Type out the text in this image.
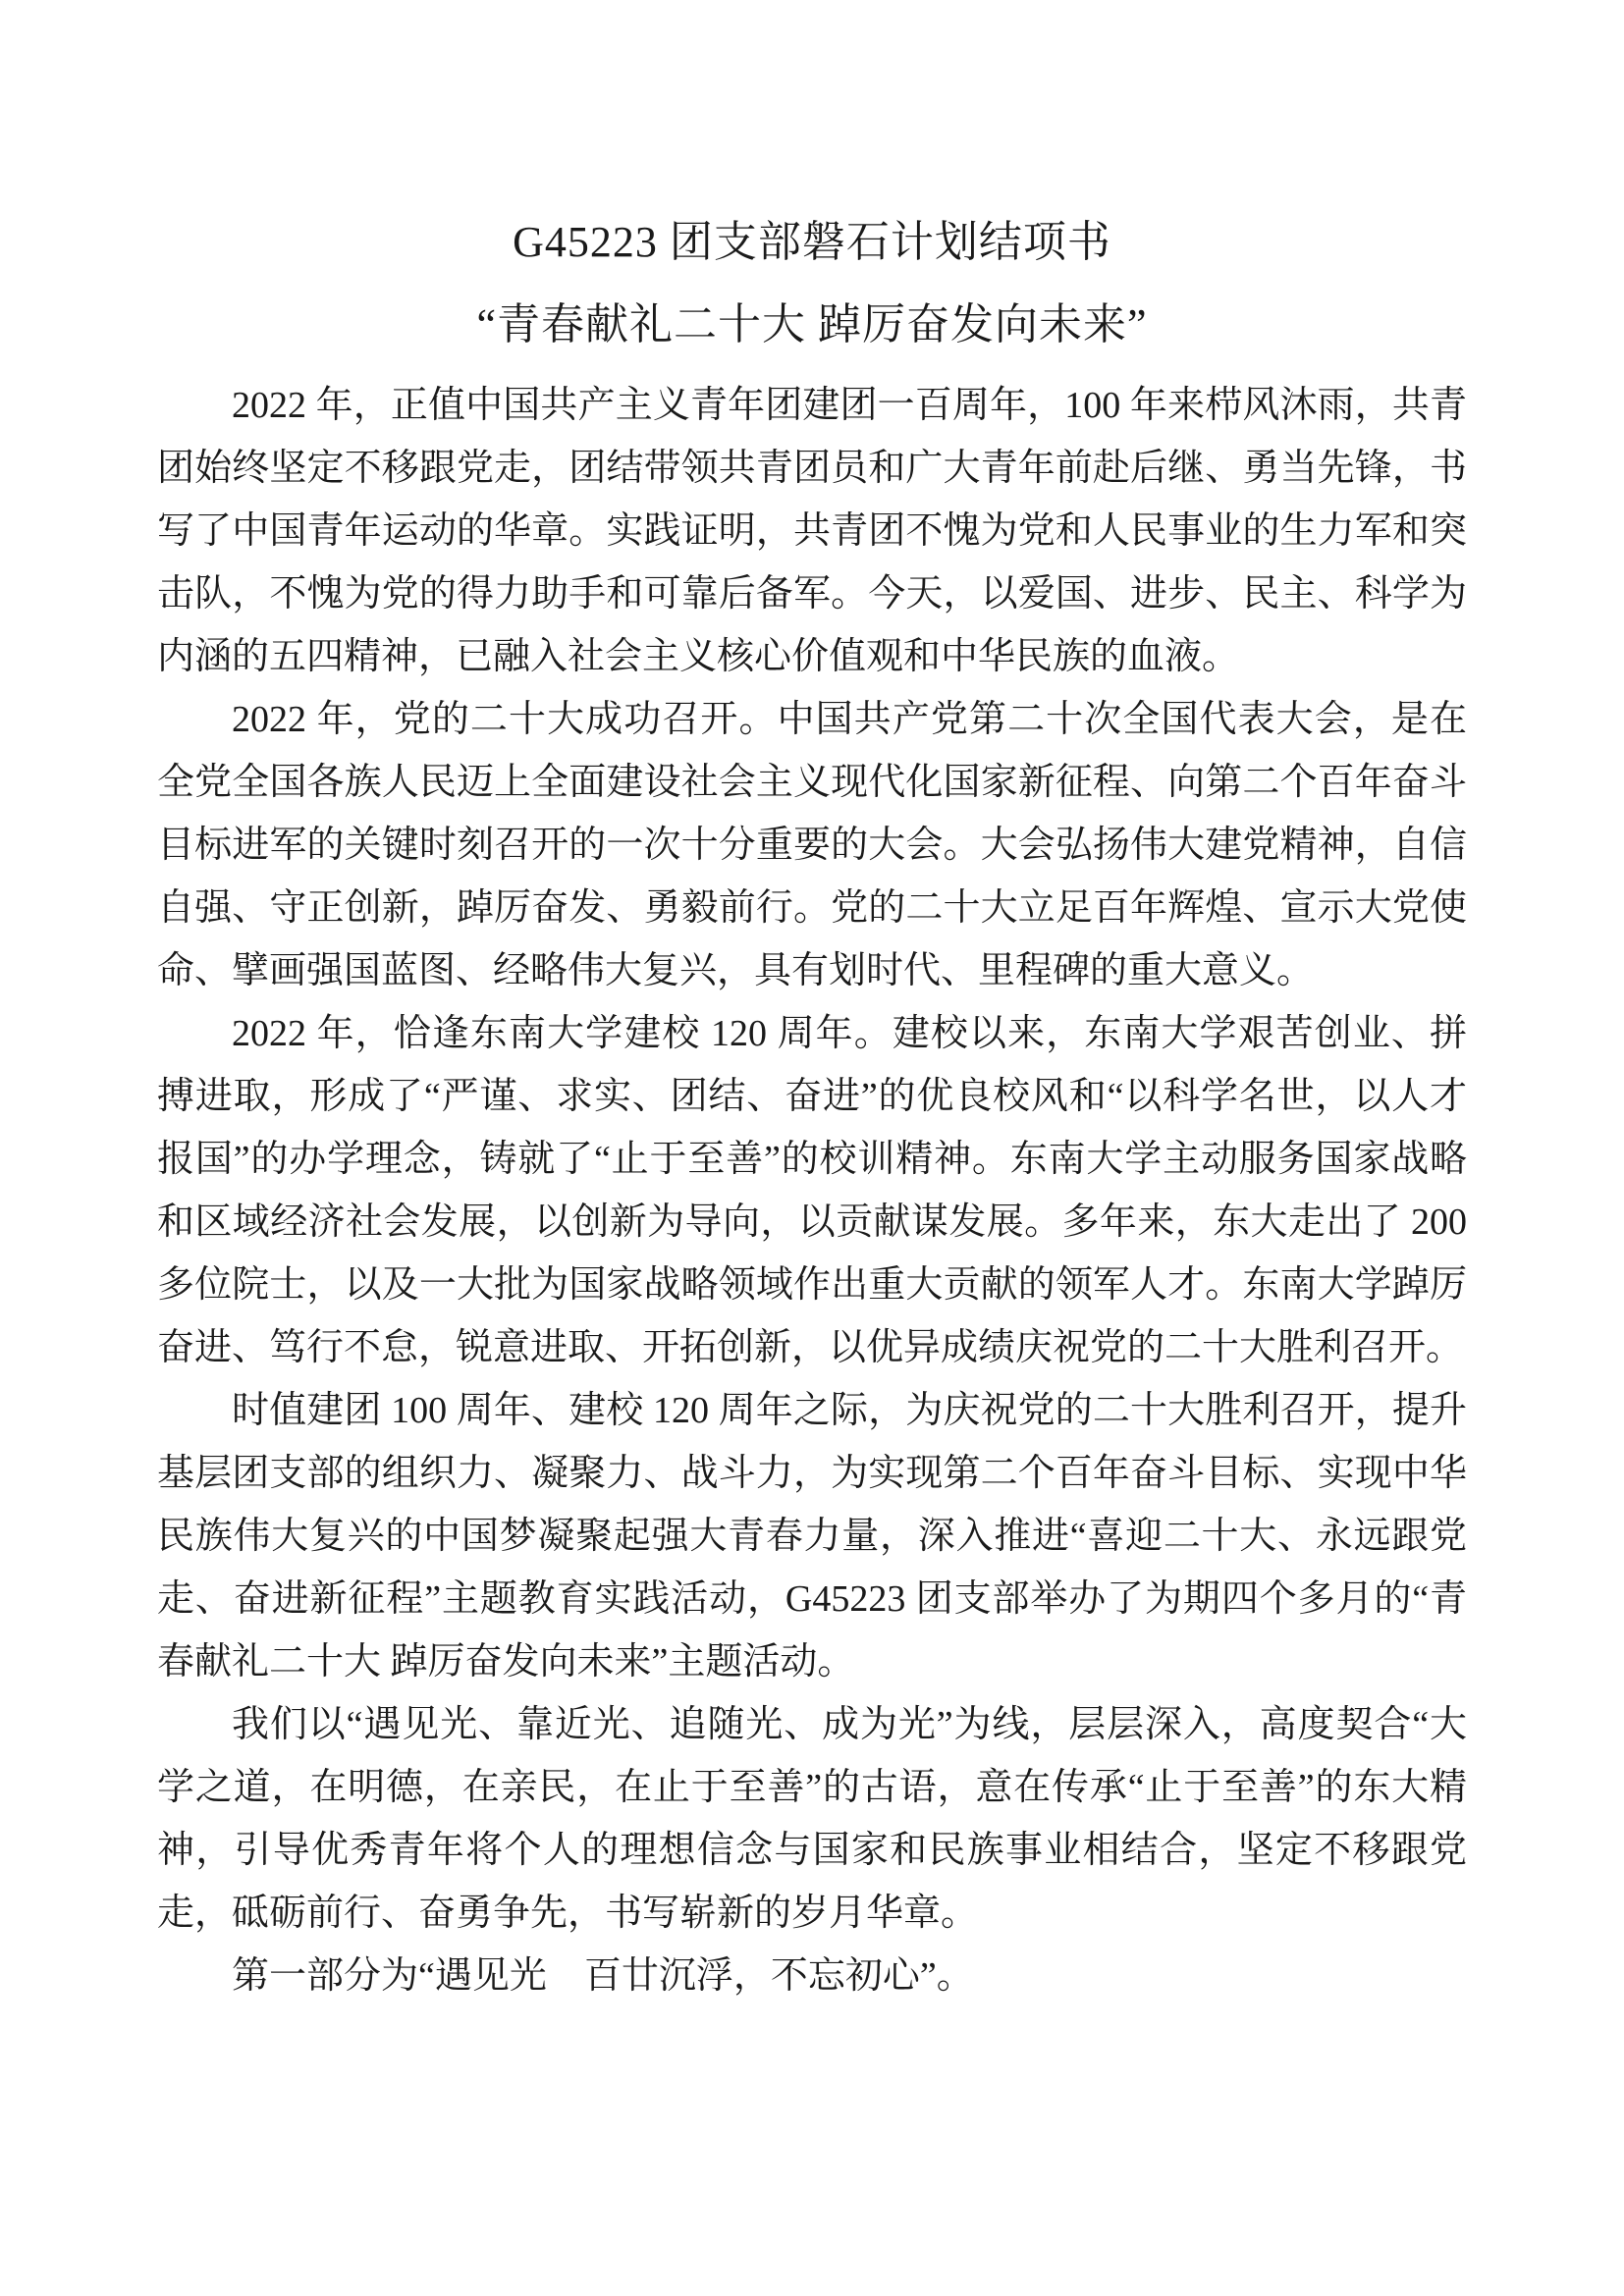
G45223 团支部磐石计划结项书
“青春献礼二十大 踔厉奋发向未来”

2022 年，正值中国共产主义青年团建团一百周年，100 年来栉风沐雨，共青团始终坚定不移跟党走，团结带领共青团员和广大青年前赴后继、勇当先锋，书写了中国青年运动的华章。实践证明，共青团不愧为党和人民事业的生力军和突击队，不愧为党的得力助手和可靠后备军。今天，以爱国、进步、民主、科学为内涵的五四精神，已融入社会主义核心价值观和中华民族的血液。

2022 年，党的二十大成功召开。中国共产党第二十次全国代表大会，是在全党全国各族人民迈上全面建设社会主义现代化国家新征程、向第二个百年奋斗目标进军的关键时刻召开的一次十分重要的大会。大会弘扬伟大建党精神，自信自强、守正创新，踔厉奋发、勇毅前行。党的二十大立足百年辉煌、宣示大党使命、擘画强国蓝图、经略伟大复兴，具有划时代、里程碑的重大意义。

2022 年，恰逢东南大学建校 120 周年。建校以来，东南大学艰苦创业、拼搏进取，形成了“严谨、求实、团结、奋进”的优良校风和“以科学名世，以人才报国”的办学理念，铸就了“止于至善”的校训精神。东南大学主动服务国家战略和区域经济社会发展，以创新为导向，以贡献谋发展。多年来，东大走出了 200 多位院士，以及一大批为国家战略领域作出重大贡献的领军人才。东南大学踔厉奋进、笃行不怠，锐意进取、开拓创新，以优异成绩庆祝党的二十大胜利召开。

时值建团 100 周年、建校 120 周年之际，为庆祝党的二十大胜利召开，提升基层团支部的组织力、凝聚力、战斗力，为实现第二个百年奋斗目标、实现中华民族伟大复兴的中国梦凝聚起强大青春力量，深入推进“喜迎二十大、永远跟党走、奋进新征程”主题教育实践活动，G45223 团支部举办了为期四个多月的“青春献礼二十大 踔厉奋发向未来”主题活动。

我们以“遇见光、靠近光、追随光、成为光”为线，层层深入，高度契合“大学之道，在明德，在亲民，在止于至善”的古语，意在传承“止于至善”的东大精神，引导优秀青年将个人的理想信念与国家和民族事业相结合，坚定不移跟党走，砥砺前行、奋勇争先，书写崭新的岁月华章。

第一部分为“遇见光　百廿沉浮，不忘初心”。
